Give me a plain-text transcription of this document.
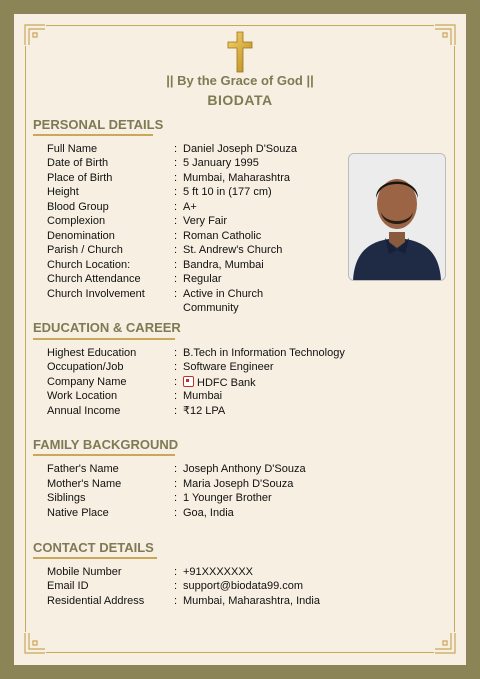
|| By the Grace of God ||
BIODATA
PERSONAL DETAILS
Full Name	: Daniel Joseph D'Souza
Date of Birth	: 5 January 1995
Place of Birth	: Mumbai, Maharashtra
Height	: 5 ft 10 in (177 cm)
Blood Group	: A+
Complexion	: Very Fair
Denomination	: Roman Catholic
Parish / Church	: St. Andrew's Church
Church Location:	: Bandra, Mumbai
Church Attendance	: Regular
Church Involvement	: Active in Church
Community
EDUCATION & CAREER
Highest Education	: B.Tech in Information Technology
Occupation/Job	: Software Engineer
Company Name	:	HDFC Bank
Work Location	: Mumbai
Annual Income	: ₹12 LPA
FAMILY BACKGROUND
Father's Name	: Joseph Anthony D'Souza
Mother's Name	: Maria Joseph D'Souza
Siblings	: 1 Younger Brother
Native Place	: Goa, India
CONTACT DETAILS
Mobile Number	: +91XXXXXXX
Email ID	: support@biodata99.com
Residential Address	: Mumbai, Maharashtra, India
